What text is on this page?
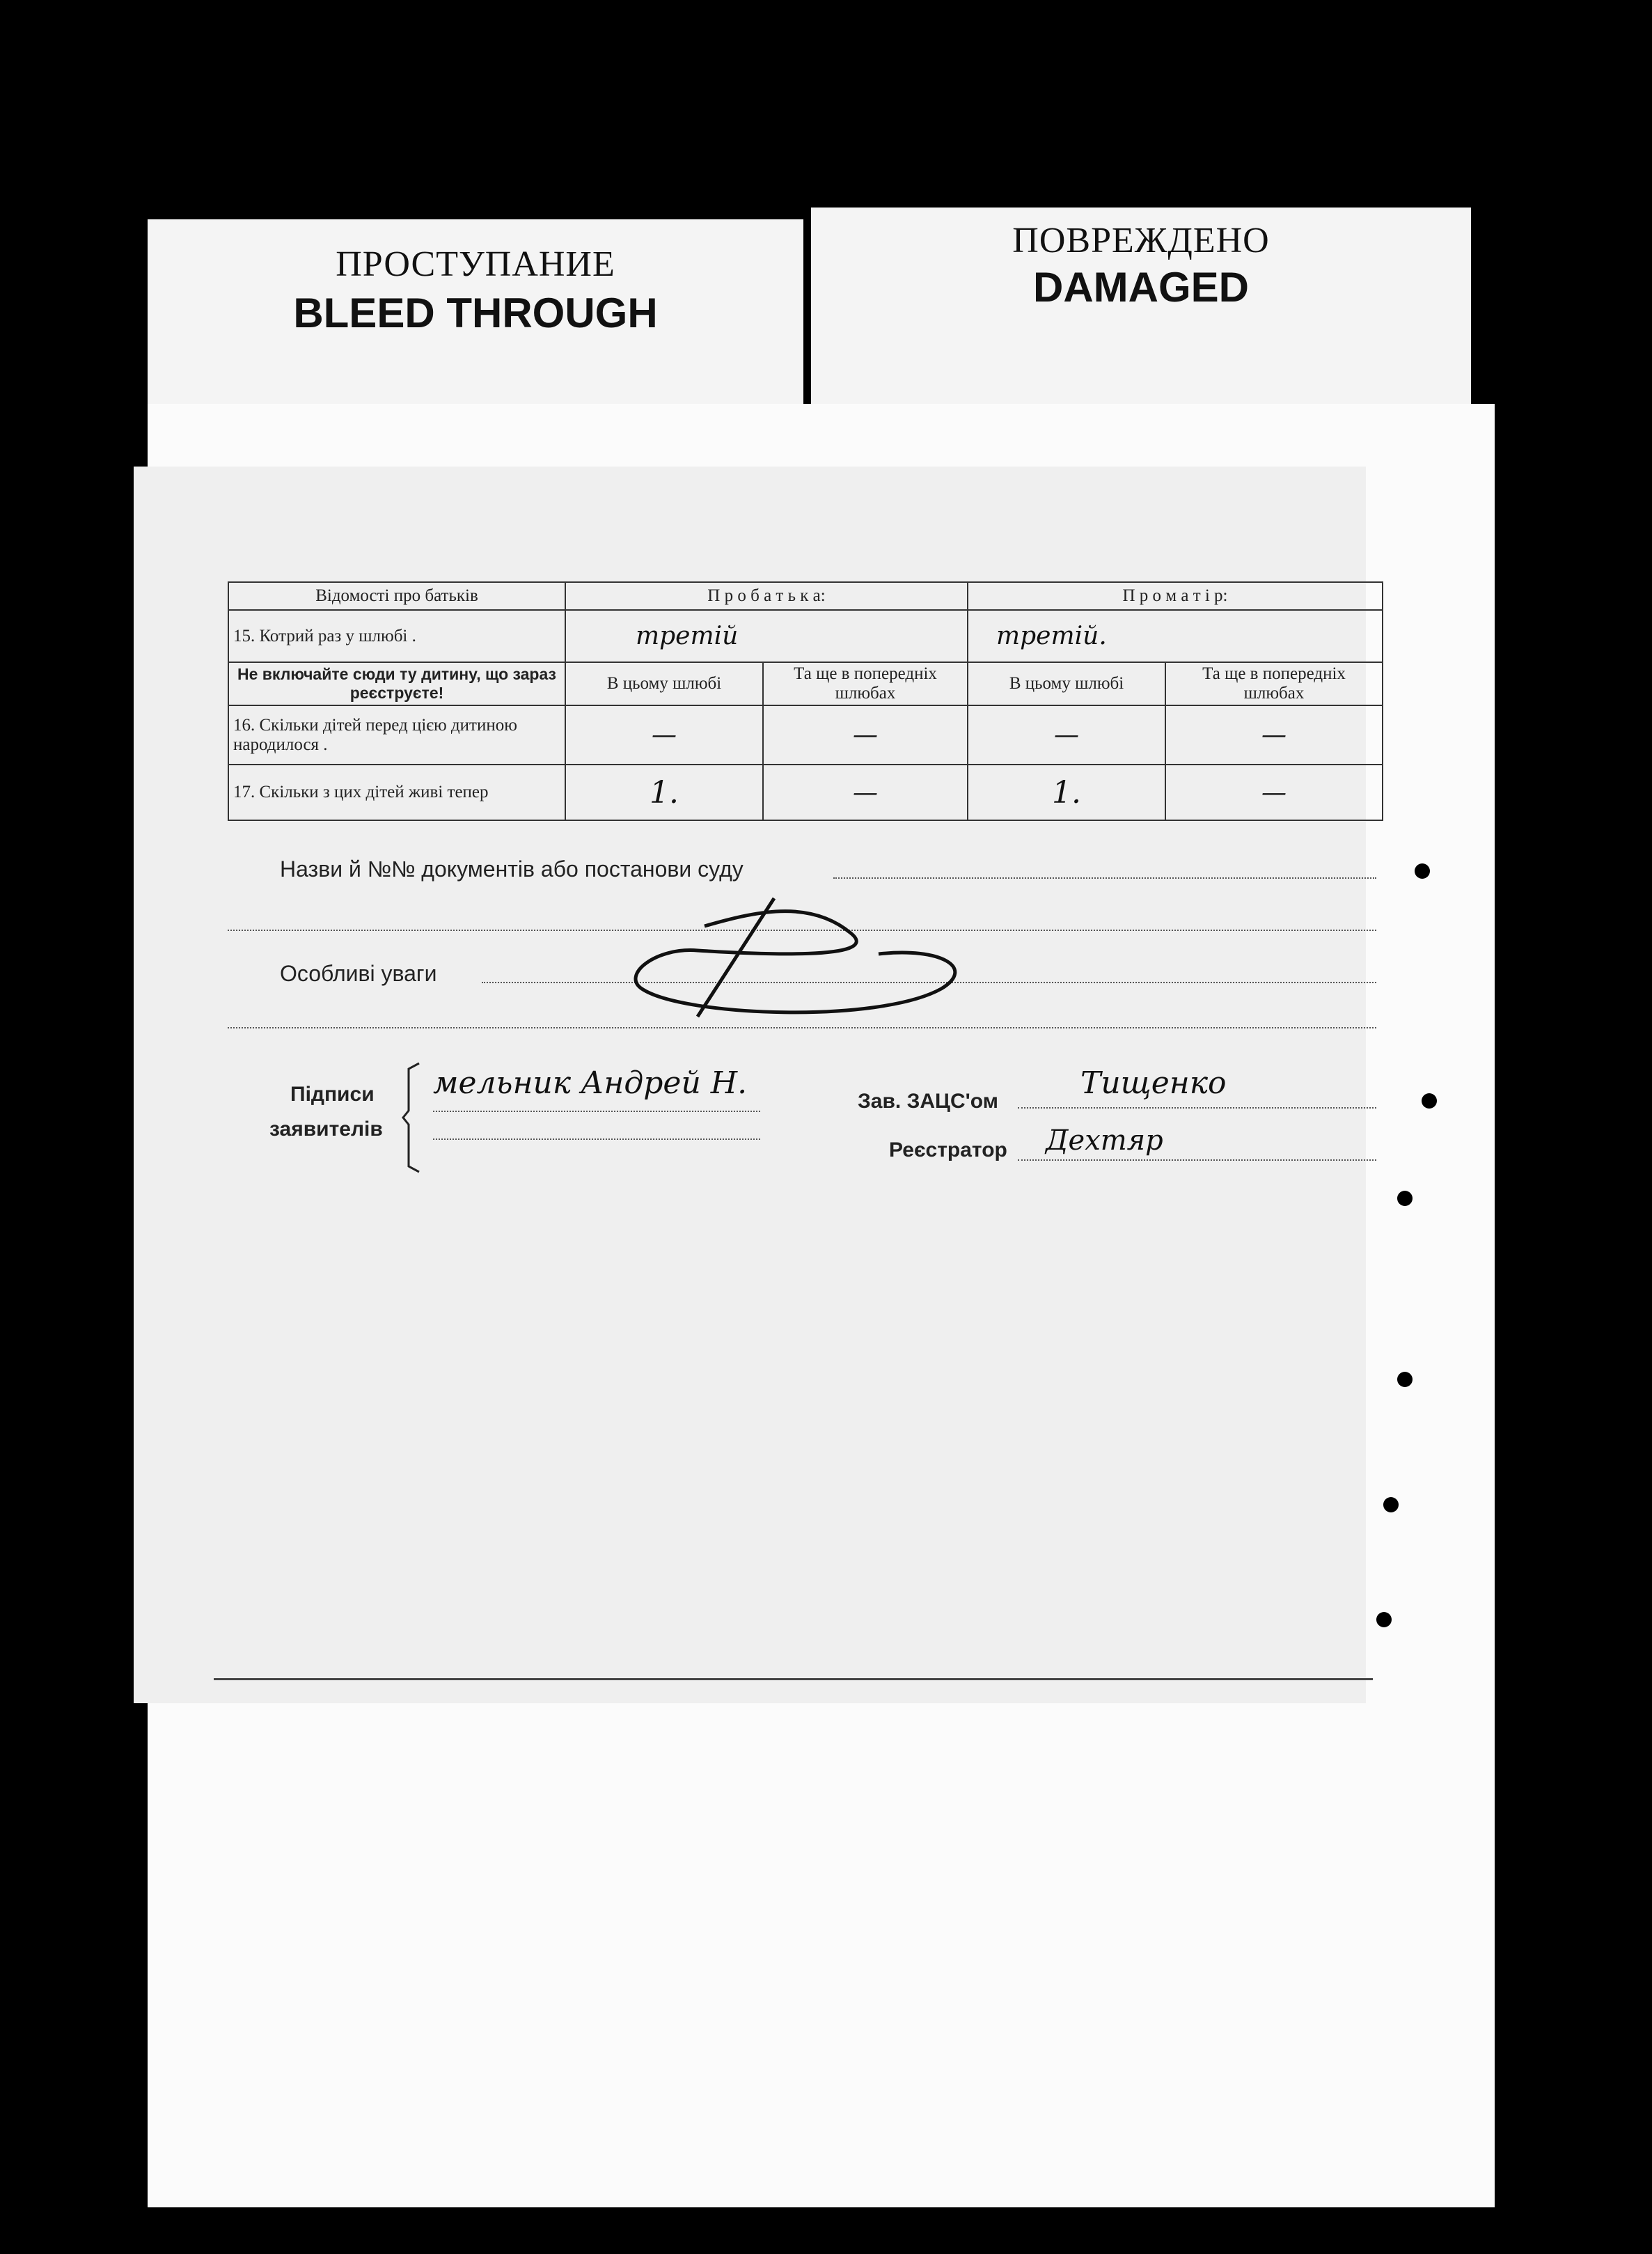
ПРОСТУПАНИЕ
BLEED THROUGH
ПОВРЕЖДЕНО
DAMAGED
Відомості про батьків	П р о б а т ь к а:		П р о м а т і р:	
15. Котрий раз у шлюбі .	третій		третій.	
Не включайте сюди ту дитину, що зараз реєструєте!	В цьому шлюбі	Та ще в попередніх шлюбах	В цьому шлюбі	Та ще в попередніх шлюбах
16. Скільки дітей перед цією дитиною народилося .	—	—	—	—
17. Скільки з цих дітей живі тепер	1.	—	1.	—
Назви й №№ документів або постанови суду
Особливі уваги
Підписи
заявителів
мельник Андрей Н.
Зав. ЗАЦС'ом
Тищенко
Реєстратор Дехтяр
